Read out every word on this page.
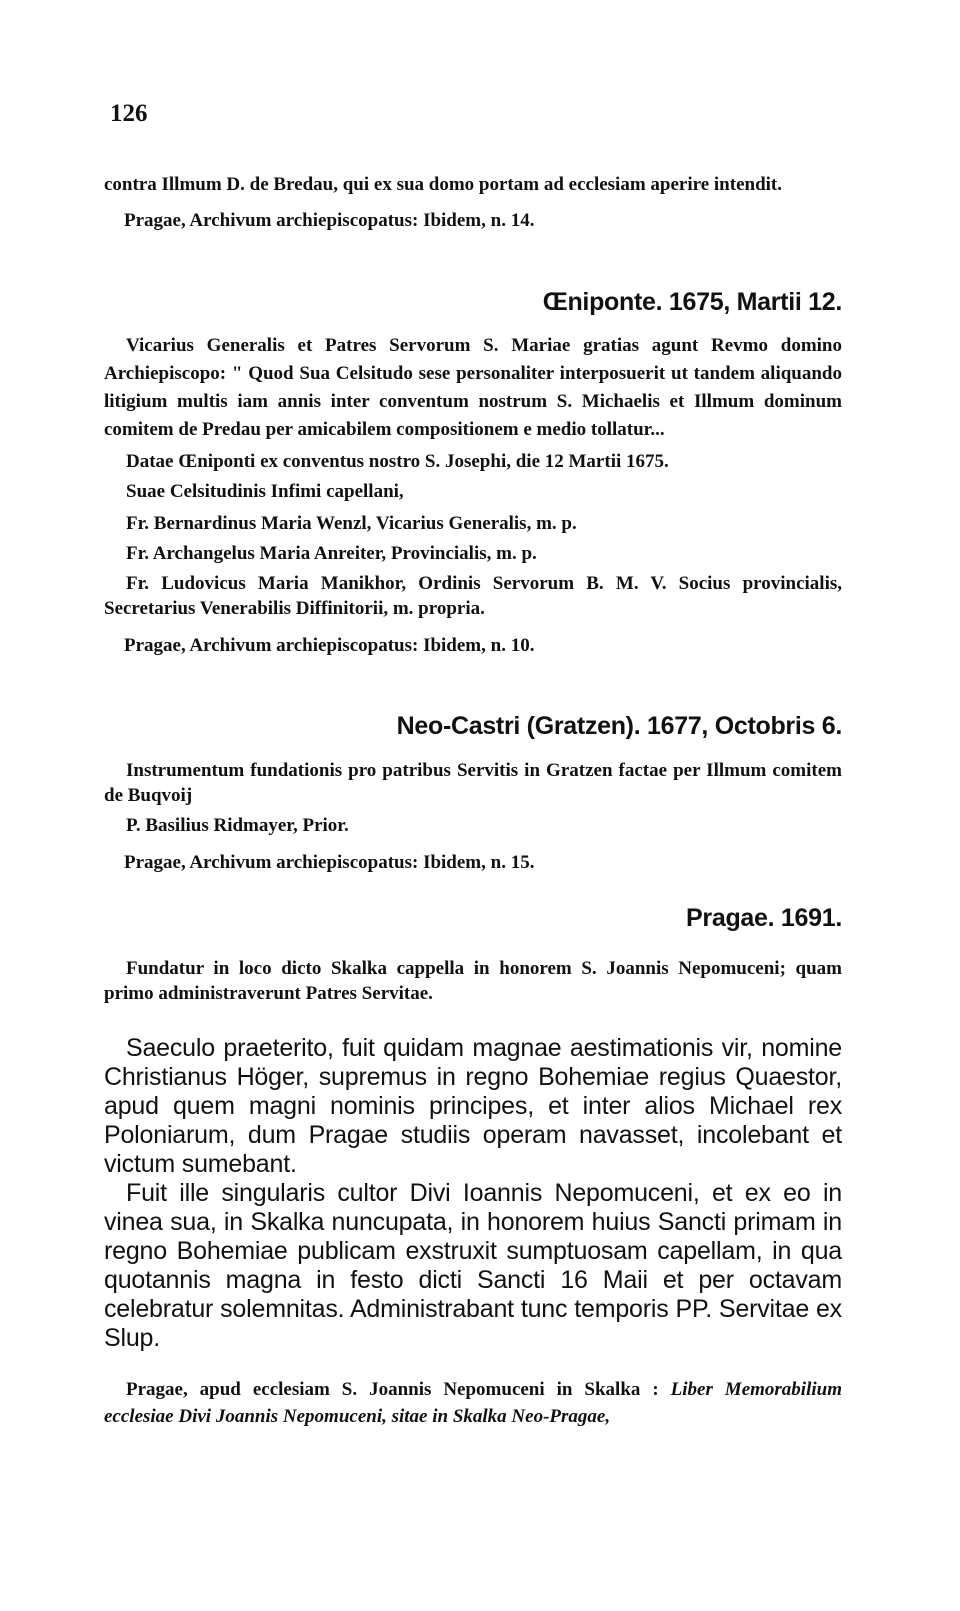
126

contra Illmum D. de Bredau, qui ex sua domo portam ad ecclesiam aperire intendit.

Pragae, Archivum archiepiscopatus: Ibidem, n. 14.

Œniponte. 1675, Martii 12.

Vicarius Generalis et Patres Servorum S. Mariae gratias agunt Revmo domino Archiepiscopo: " Quod Sua Celsitudo sese personaliter interposuerit ut tandem aliquando litigium multis iam annis inter conventum nostrum S. Michaelis et Illmum dominum comitem de Predau per amicabilem compositionem e medio tollatur...

Datae Œniponti ex conventus nostro S. Josephi, die 12 Martii 1675.

Suae Celsitudinis Infimi capellani,

Fr. Bernardinus Maria Wenzl, Vicarius Generalis, m. p.

Fr. Archangelus Maria Anreiter, Provincialis, m. p.

Fr. Ludovicus Maria Manikhor, Ordinis Servorum B. M. V. Socius provincialis, Secretarius Venerabilis Diffinitorii, m. propria.

Pragae, Archivum archiepiscopatus: Ibidem, n. 10.

Neo-Castri (Gratzen). 1677, Octobris 6.

Instrumentum fundationis pro patribus Servitis in Gratzen factae per Illmum comitem de Buqvoij

P. Basilius Ridmayer, Prior.

Pragae, Archivum archiepiscopatus: Ibidem, n. 15.

Pragae. 1691.

Fundatur in loco dicto Skalka cappella in honorem S. Joannis Nepomuceni; quam primo administraverunt Patres Servitae.

Saeculo praeterito, fuit quidam magnae aestimationis vir, nomine Christianus Höger, supremus in regno Bohemiae regius Quaestor, apud quem magni nominis principes, et inter alios Michael rex Poloniarum, dum Pragae studiis operam navasset, incolebant et victum sumebant.

Fuit ille singularis cultor Divi Ioannis Nepomuceni, et ex eo in vinea sua, in Skalka nuncupata, in honorem huius Sancti primam in regno Bohemiae publicam exstruxit sumptuosam capellam, in qua quotannis magna in festo dicti Sancti 16 Maii et per octavam celebratur solemnitas. Administrabant tunc temporis PP. Servitae ex Slup.

Pragae, apud ecclesiam S. Joannis Nepomuceni in Skalka : Liber Memorabilium ecclesiae Divi Joannis Nepomuceni, sitae in Skalka Neo-Pragae,
